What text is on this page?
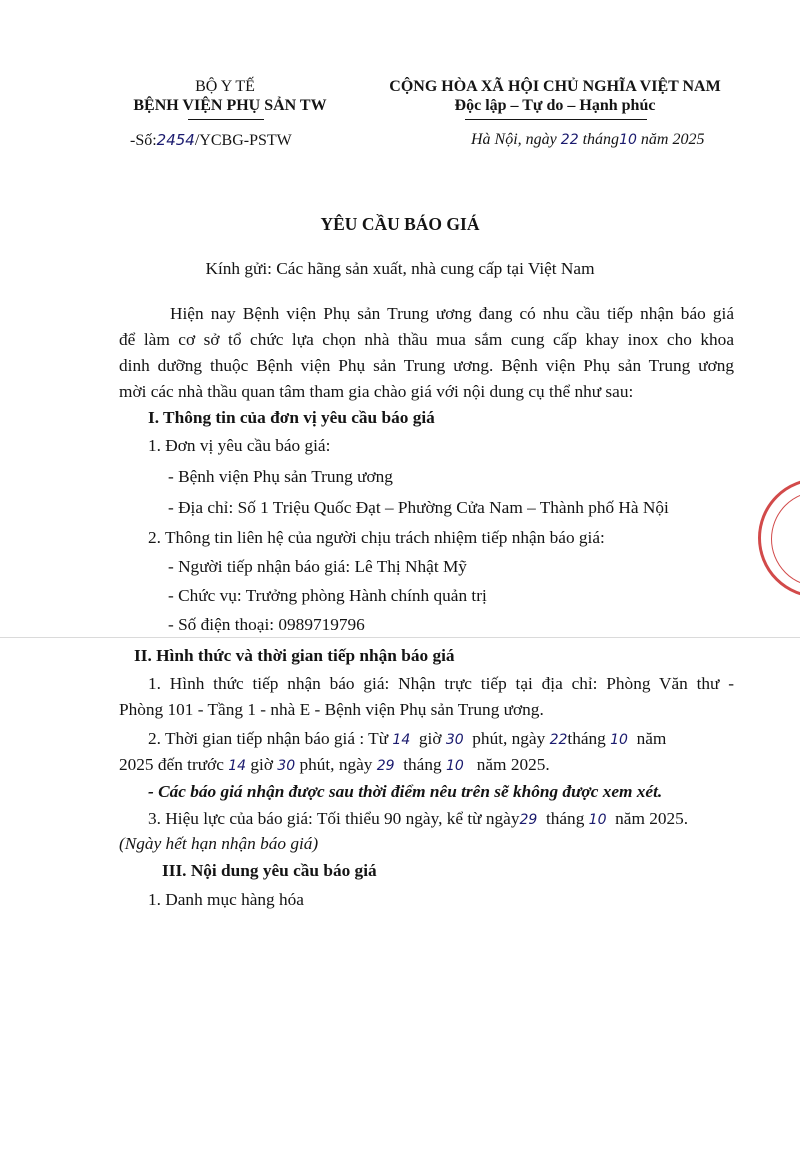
BỘ Y TẾ
BỆNH VIỆN PHỤ SẢN TW
-Số:2454/YCBG-PSTW
CỘNG HÒA XÃ HỘI CHỦ NGHĨA VIỆT NAM
Độc lập – Tự do – Hạnh phúc
Hà Nội, ngày 22 tháng10 năm 2025
YÊU CẦU BÁO GIÁ
Kính gửi: Các hãng sản xuất, nhà cung cấp tại Việt Nam
Hiện nay Bệnh viện Phụ sản Trung ương đang có nhu cầu tiếp nhận báo giá
để làm cơ sở tổ chức lựa chọn nhà thầu mua sắm cung cấp khay inox cho khoa
dinh dưỡng thuộc Bệnh viện Phụ sản Trung ương. Bệnh viện Phụ sản Trung ương
mời các nhà thầu quan tâm tham gia chào giá với nội dung cụ thể như sau:
I. Thông tin của đơn vị yêu cầu báo giá
1. Đơn vị yêu cầu báo giá:
- Bệnh viện Phụ sản Trung ương
- Địa chỉ: Số 1 Triệu Quốc Đạt – Phường Cửa Nam – Thành phố Hà Nội
2. Thông tin liên hệ của người chịu trách nhiệm tiếp nhận báo giá:
- Người tiếp nhận báo giá: Lê Thị Nhật Mỹ
- Chức vụ: Trưởng phòng Hành chính quản trị
- Số điện thoại: 0989719796
II. Hình thức và thời gian tiếp nhận báo giá
1. Hình thức tiếp nhận báo giá: Nhận trực tiếp tại địa chỉ: Phòng Văn thư -
Phòng 101 - Tầng 1 - nhà E - Bệnh viện Phụ sản Trung ương.
2. Thời gian tiếp nhận báo giá : Từ 14 giờ 30 phút, ngày 22tháng 10 năm
2025 đến trước 14 giờ 30 phút, ngày 29 tháng 10 năm 2025.
- Các báo giá nhận được sau thời điểm nêu trên sẽ không được xem xét.
3. Hiệu lực của báo giá: Tối thiểu 90 ngày, kể từ ngày29 tháng 10 năm 2025.
(Ngày hết hạn nhận báo giá)
III. Nội dung yêu cầu báo giá
1. Danh mục hàng hóa
